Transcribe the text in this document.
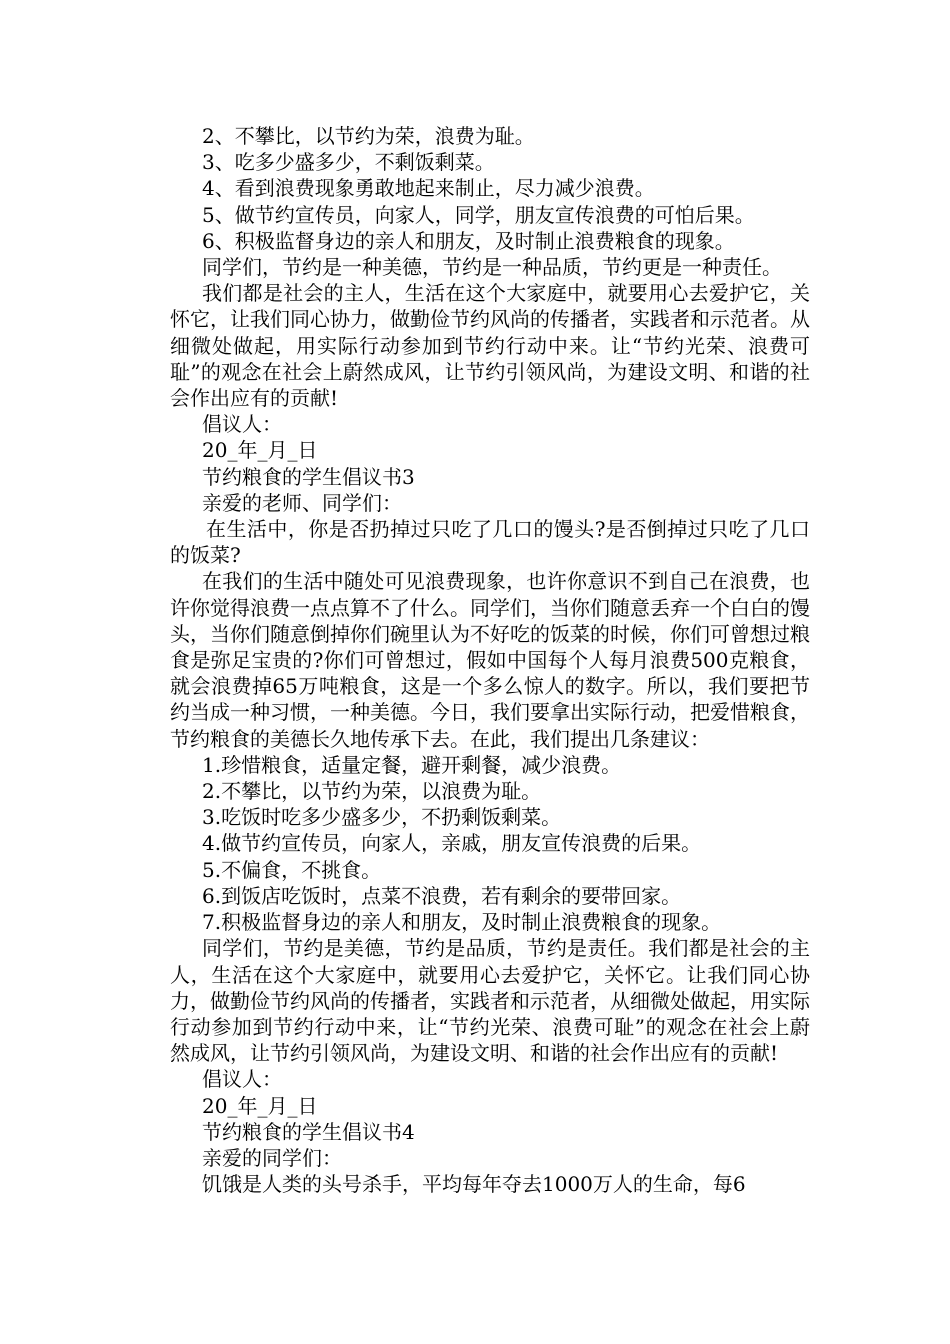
2、不攀比，以节约为荣，浪费为耻。

3、吃多少盛多少，不剩饭剩菜。

4、看到浪费现象勇敢地起来制止，尽力减少浪费。

5、做节约宣传员，向家人，同学，朋友宣传浪费的可怕后果。

6、积极监督身边的亲人和朋友，及时制止浪费粮食的现象。

同学们，节约是一种美德，节约是一种品质，节约更是一种责任。

我们都是社会的主人，生活在这个大家庭中，就要用心去爱护它，关怀它，让我们同心协力，做勤俭节约风尚的传播者，实践者和示范者。从细微处做起，用实际行动参加到节约行动中来。让“节约光荣、浪费可耻”的观念在社会上蔚然成风，让节约引领风尚，为建设文明、和谐的社会作出应有的贡献!

倡议人：

20_年_月_日

节约粮食的学生倡议书3

亲爱的老师、同学们：

在生活中，你是否扔掉过只吃了几口的馒头?是否倒掉过只吃了几口的饭菜?

在我们的生活中随处可见浪费现象，也许你意识不到自己在浪费，也许你觉得浪费一点点算不了什么。同学们，当你们随意丢弃一个白白的馒头，当你们随意倒掉你们碗里认为不好吃的饭菜的时候，你们可曾想过粮食是弥足宝贵的?你们可曾想过，假如中国每个人每月浪费500克粮食，就会浪费掉65万吨粮食，这是一个多么惊人的数字。所以，我们要把节约当成一种习惯，一种美德。今日，我们要拿出实际行动，把爱惜粮食，节约粮食的美德长久地传承下去。在此，我们提出几条建议：

1.珍惜粮食，适量定餐，避开剩餐，减少浪费。

2.不攀比，以节约为荣，以浪费为耻。

3.吃饭时吃多少盛多少，不扔剩饭剩菜。

4.做节约宣传员，向家人，亲戚，朋友宣传浪费的后果。

5.不偏食，不挑食。

6.到饭店吃饭时，点菜不浪费，若有剩余的要带回家。

7.积极监督身边的亲人和朋友，及时制止浪费粮食的现象。

同学们，节约是美德，节约是品质，节约是责任。我们都是社会的主人，生活在这个大家庭中，就要用心去爱护它，关怀它。让我们同心协力，做勤俭节约风尚的传播者，实践者和示范者，从细微处做起，用实际行动参加到节约行动中来，让“节约光荣、浪费可耻”的观念在社会上蔚然成风，让节约引领风尚，为建设文明、和谐的社会作出应有的贡献!

倡议人：

20_年_月_日

节约粮食的学生倡议书4

亲爱的同学们：

饥饿是人类的头号杀手，平均每年夺去1000万人的生命，每6
